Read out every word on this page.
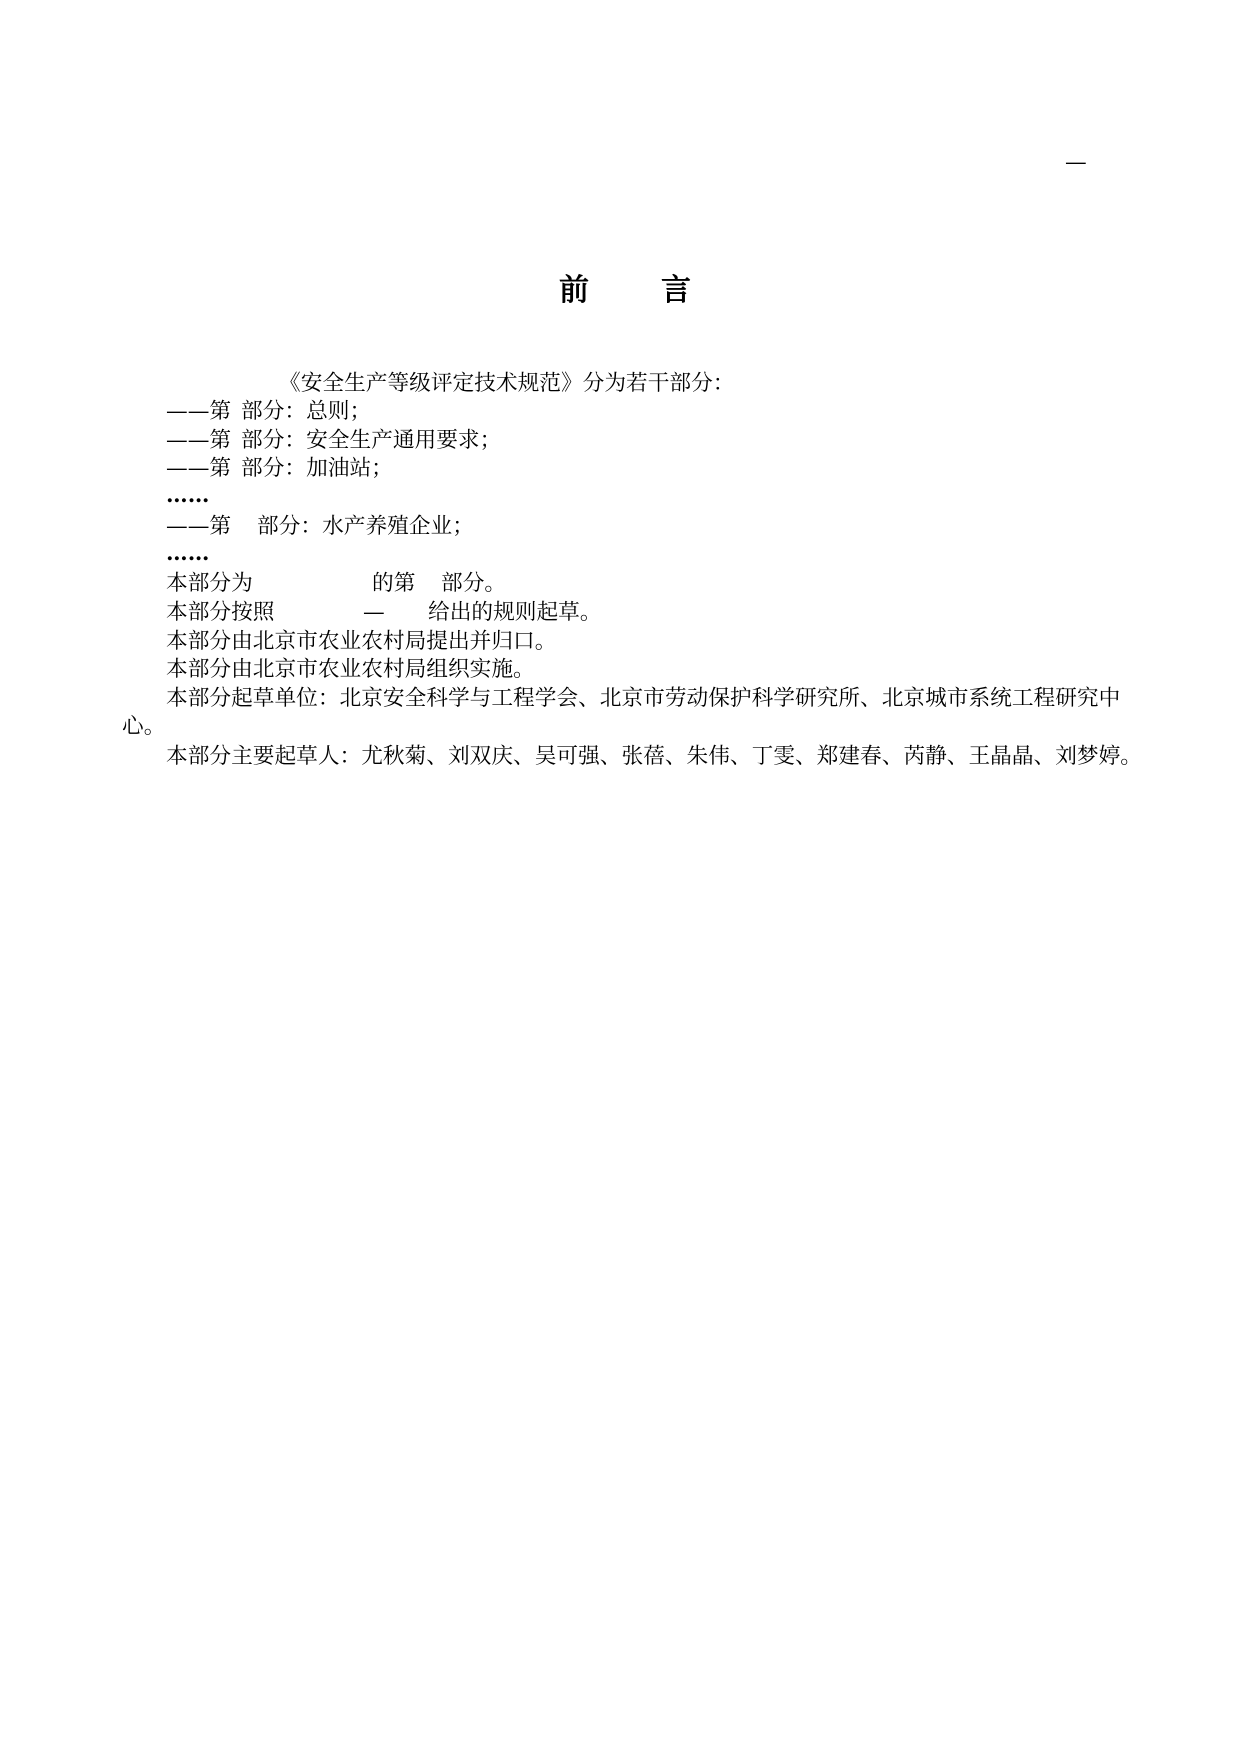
—
前 言
《安全生产等级评定技术规范》分为若干部分：
——第 部分：总则；
——第 部分：安全生产通用要求；
——第 部分：加油站；
……
——第 部分：水产养殖企业；
……
本部分为	的第 部分。
本部分按照	— 给出的规则起草。
本部分由北京市农业农村局提出并归口。
本部分由北京市农业农村局组织实施。
本部分起草单位：北京安全科学与工程学会、北京市劳动保护科学研究所、北京城市系统工程研究中
心。
本部分主要起草人：尤秋菊、刘双庆、吴可强、张蓓、朱伟、丁雯、郑建春、芮静、王晶晶、刘梦婷。
